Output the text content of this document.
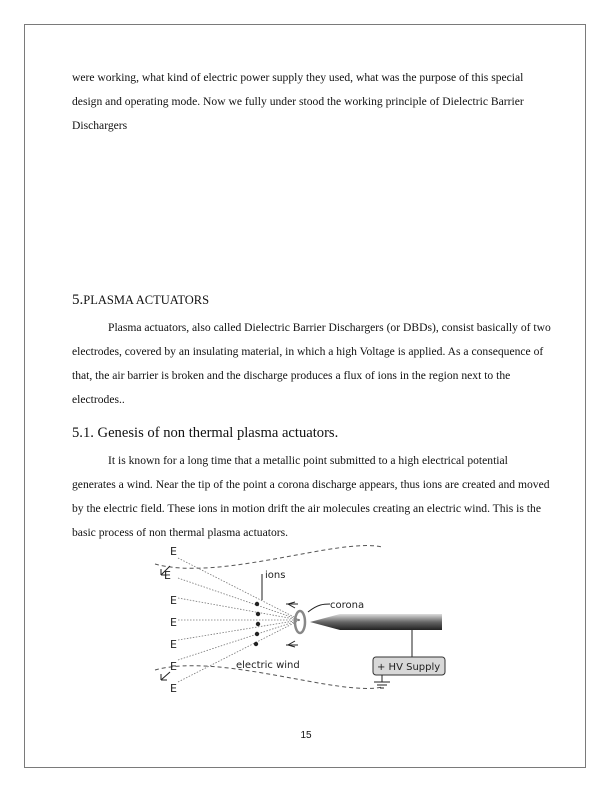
were working, what kind of electric power supply they used, what was the purpose of this special design and operating mode. Now we fully under stood the working principle of Dielectric Barrier Dischargers

5.PLASMA ACTUATORS

Plasma actuators, also called Dielectric Barrier Dischargers (or DBDs), consist basically of two electrodes, covered by an insulating material, in which a high Voltage is applied. As a consequence of that, the air barrier is broken and the discharge produces a flux of ions in the region next to the electrodes..

5.1. Genesis of non thermal plasma actuators.

It is known for a long time that a metallic point submitted to a high electrical potential generates a wind. Near the tip of the point a corona discharge appears, thus ions are created and moved by the electric field. These ions in motion drift the air molecules creating an electric wind. This is the basic process of non thermal plasma actuators.

E
E
E
E
E
E
E
ions
corona
+ HV Supply
electric wind
15
